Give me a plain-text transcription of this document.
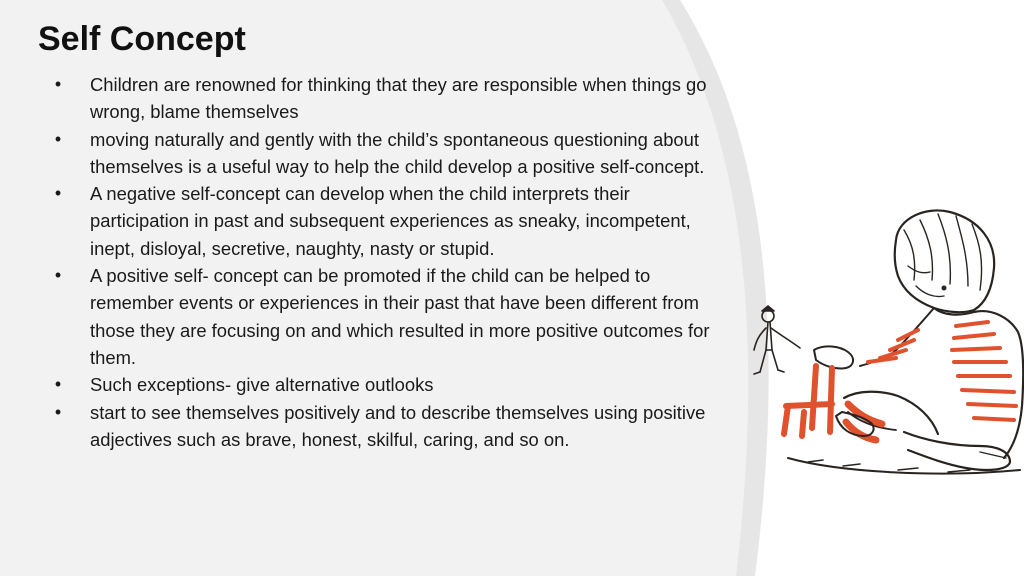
Self Concept
• Children are renowned for thinking that they are responsible when things go wrong, blame themselves
• moving naturally and gently with the child’s spontaneous questioning about themselves is a useful way to help the child develop a positive self-concept.
• A negative self-concept can develop when the child interprets their participation in past and subsequent experiences as sneaky, incompetent, inept, disloyal, secretive, naughty, nasty or stupid.
• A positive self- concept can be promoted if the child can be helped to remember events or experiences in their past that have been different from those they are focusing on and which resulted in more positive outcomes for them.
• Such exceptions- give alternative outlooks
• start to see themselves positively and to describe themselves using positive adjectives such as brave, honest, skilful, caring, and so on.
